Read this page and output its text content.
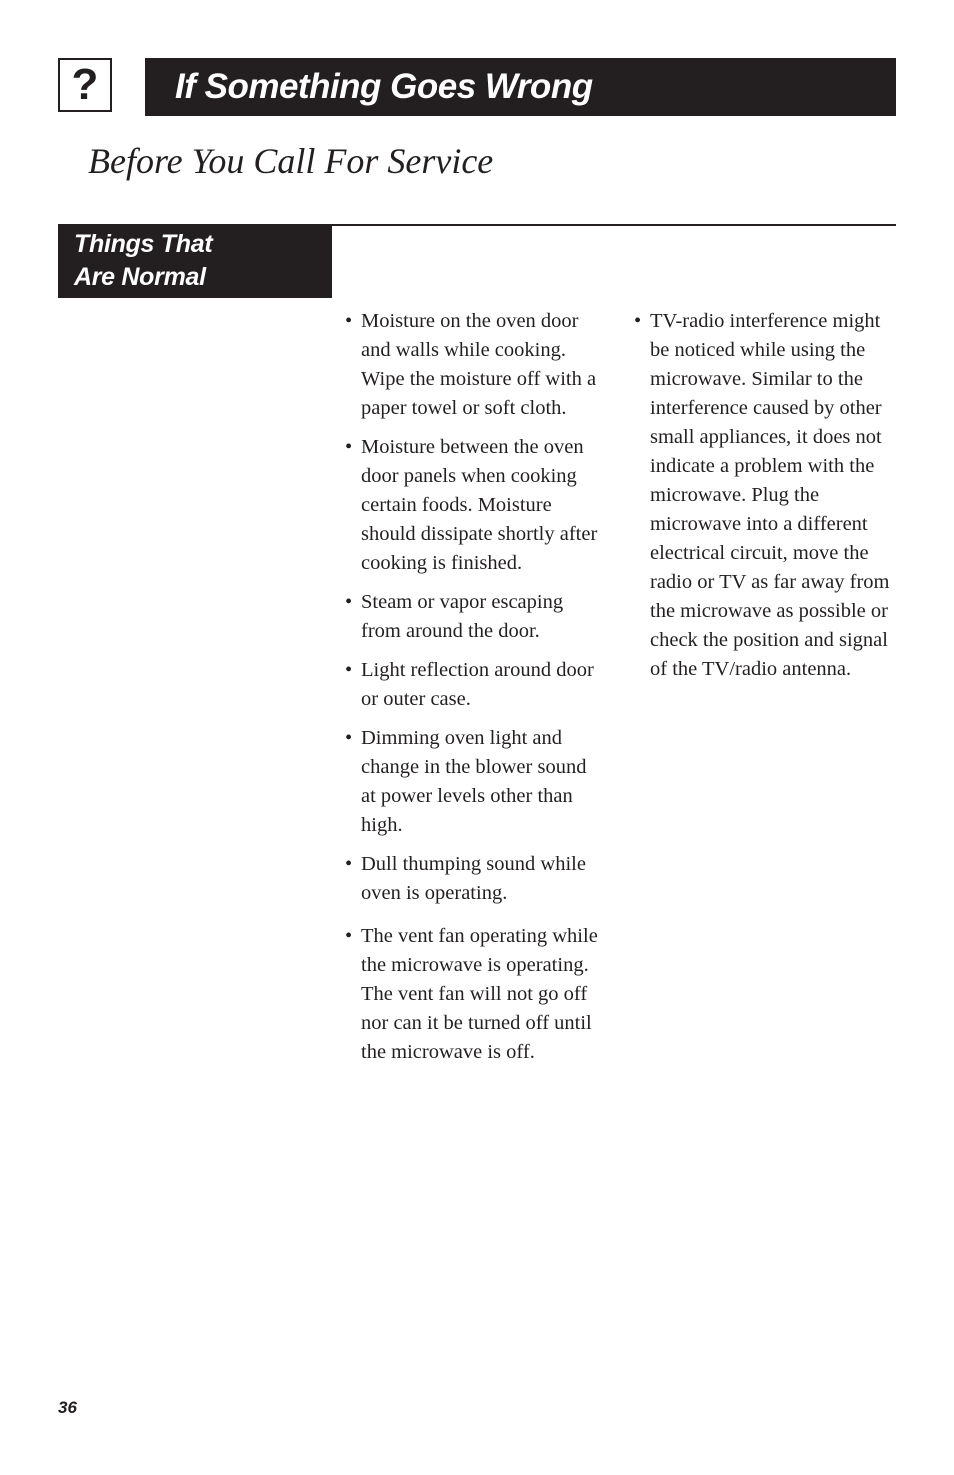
?	If Something Goes Wrong
Before You Call For Service
Things That
Are Normal
• Moisture on the oven door and walls while cooking. Wipe the moisture off with a paper towel or soft cloth.
• Moisture between the oven door panels when cooking certain foods. Moisture should dissipate shortly after cooking is finished.
• Steam or vapor escaping from around the door.
• Light reflection around door or outer case.
• Dimming oven light and change in the blower sound at power levels other than high.
• Dull thumping sound while oven is operating.
• The vent fan operating while the microwave is operating. The vent fan will not go off nor can it be turned off until the microwave is off.
• TV-radio interference might be noticed while using the microwave. Similar to the interference caused by other small appliances, it does not indicate a problem with the microwave. Plug the microwave into a different electrical circuit, move the radio or TV as far away from the microwave as possible or check the position and signal of the TV/radio antenna.
36
